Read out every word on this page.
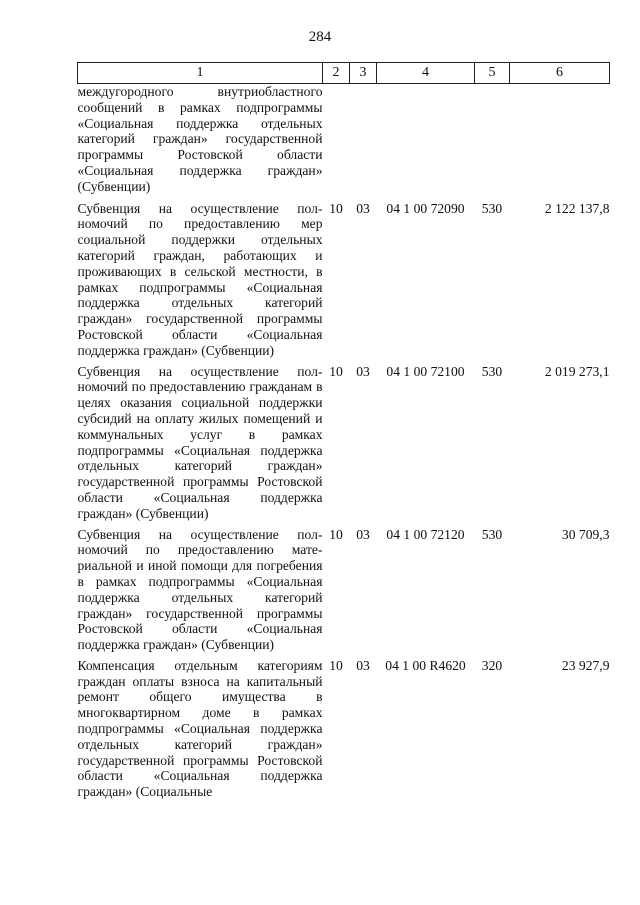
284
1	2	3	4	5	6
междугородного внутриобластного сообщений в рамках подпрограммы «Социальная поддержка отдельных категорий граждан» государственной программы Ростовской области «Социальная поддержка граждан» (Субвенции)					
Субвенция на осуществление полномочий по предоставлению мер социальной поддержки отдельных категорий граждан, работающих и проживающих в сельской местности, в рамках подпрограммы «Социальная поддержка отдельных категорий граждан» государственной программы Ростовской области «Социальная поддержка граждан» (Субвенции)	10	03	04 1 00 72090	530	2 122 137,8
Субвенция на осуществление полномочий по предоставлению гражданам в целях оказания социальной поддержки субсидий на оплату жилых помещений и коммунальных услуг в рамках подпрограммы «Социальная поддержка отдельных категорий граждан» государственной программы Ростовской области «Социальная поддержка граждан» (Субвенции)	10	03	04 1 00 72100	530	2 019 273,1
Субвенция на осуществление полномочий по предоставлению материальной и иной помощи для погребения в рамках подпрограммы «Социальная поддержка отдельных категорий граждан» государственной программы Ростовской области «Социальная поддержка граждан» (Субвенции)	10	03	04 1 00 72120	530	30 709,3
Компенсация отдельным категориям граждан оплаты взноса на капитальный ремонт общего имущества в многоквартирном доме в рамках подпрограммы «Социальная поддержка отдельных категорий граждан» государственной программы Ростовской области «Социальная поддержка граждан» (Социальные	10	03	04 1 00 R4620	320	23 927,9
